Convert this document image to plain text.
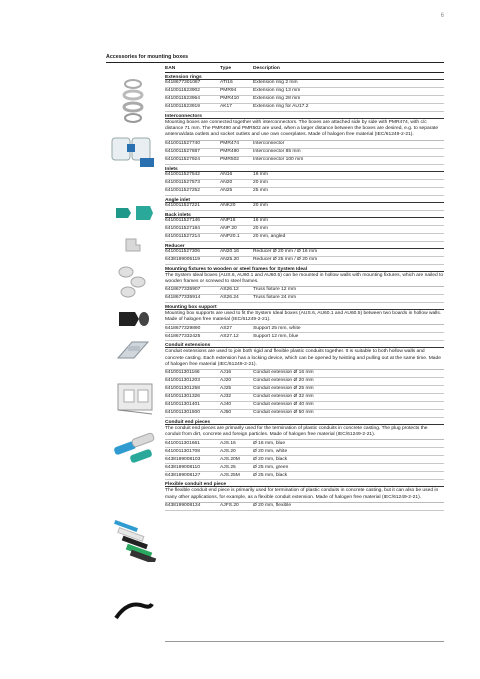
6
Accessories for mounting boxes
EAN	Type	Description
Extension rings
6418677301087	ATI16	Extension ring 2 mm
6410011523902	PMR94	Extension ring 13 mm
6410011523964	PMR410	Extension ring 28 mm
6410011523919	AK17	Extension ring for AU17.2
Interconnectors
Mounting boxes are connected together with interconnectors. The boxes are attached side by side with PMR474, with c/c distance 71 mm. The PMR490 and PMR502 are used, when a larger distance between the boxes are desired, e.g. to separate antenna/data outlets and socket outlets and use own coverplates. Made of halogen free material (IEC/61249-2-21).
6410011527740	PMR474	Interconnector
6410011527887	PMR490	Interconnector 85 mm
6410011527924	PMR502	Interconnector 100 mm
Inlets
6410011527542	AN16	16 mm
6410011527573	AN20	20 mm
6410011527252	AN25	25 mm
Angle inlet
6410011527221	ANK20	20 mm
Back inlets
6410011527146	ANP16	16 mm
6410011527184	ANP 20	20 mm
6410011527214	ANP20.1	20 mm, angled
Reducer
6410011527306	AN20.16	Reducer Ø 20 mm / Ø 16 mm
6438199005119	AN25.20	Reducer Ø 25 mm / Ø 20 mm
Mounting fixtures to wooden or steel frames for System Ideal
The System Ideal boxes (AUS.6, AU60.1 and AU60.5) can be mounted in hollow walls with mounting fixtures, which are nailed to wooden frames or screwed to steel frames.
6418677335907	AS26.12	Truss fixture 12 mm
6418677335914	AS26.24	Truss fixture 24 mm
Mounting box support
Mounting box supports are used to fit the System Ideal boxes (AUS.6, AU60.1 and AU60.5) between two boards in hollow walls. Made of halogen free material (IEC/61249-2-21).
6418677329890	AS27	Support 25 mm, white
6418677332425	AS27.12	Support 12 mm, blue
Conduit extensions
Conduit extensions are used to join both rigid and flexible plastic conduits together. It is suitable to both hollow walls and concrete casting. Each extension has a locking device, which can be opened by twisting and pulling out at the same time. Made of halogen free material (IEC/61249-2-21).
6410011301166	AJ16	Conduit extension Ø 16 mm
6410011301203	AJ20	Conduit extension Ø 20 mm
6410011301258	AJ25	Conduit extension Ø 25 mm
6410011301326	AJ32	Conduit extension Ø 32 mm
6410011301401	AJ40	Conduit extension Ø 40 mm
6410011301500	AJ50	Conduit extension Ø 50 mm
Conduit end pieces
The conduit end pieces are primarily used for the termination of plastic conduits in concrete casting. The plug protects the conduit from dirt, concrete and foreign particles. Made of halogen free material (IEC/61249-2-21).
6410011301661	AJS.16	Ø 16 mm, blue
6410011301708	AJS.20	Ø 20 mm, white
6438199008103	AJS.20M	Ø 20 mm, black
6438199008110	AJS.25	Ø 25 mm, green
6438199008127	AJS.25M	Ø 25 mm, black
Flexible conduit end piece
The flexible conduit end piece is primarily used for termination of plastic conduits in concrete casting, but it can also be used in many other applications, for example, as a flexible conduit extension. Made of halogen free material (IEC/61249-2-21).
6438199008134	AJFS.20	Ø 20 mm, flexible
